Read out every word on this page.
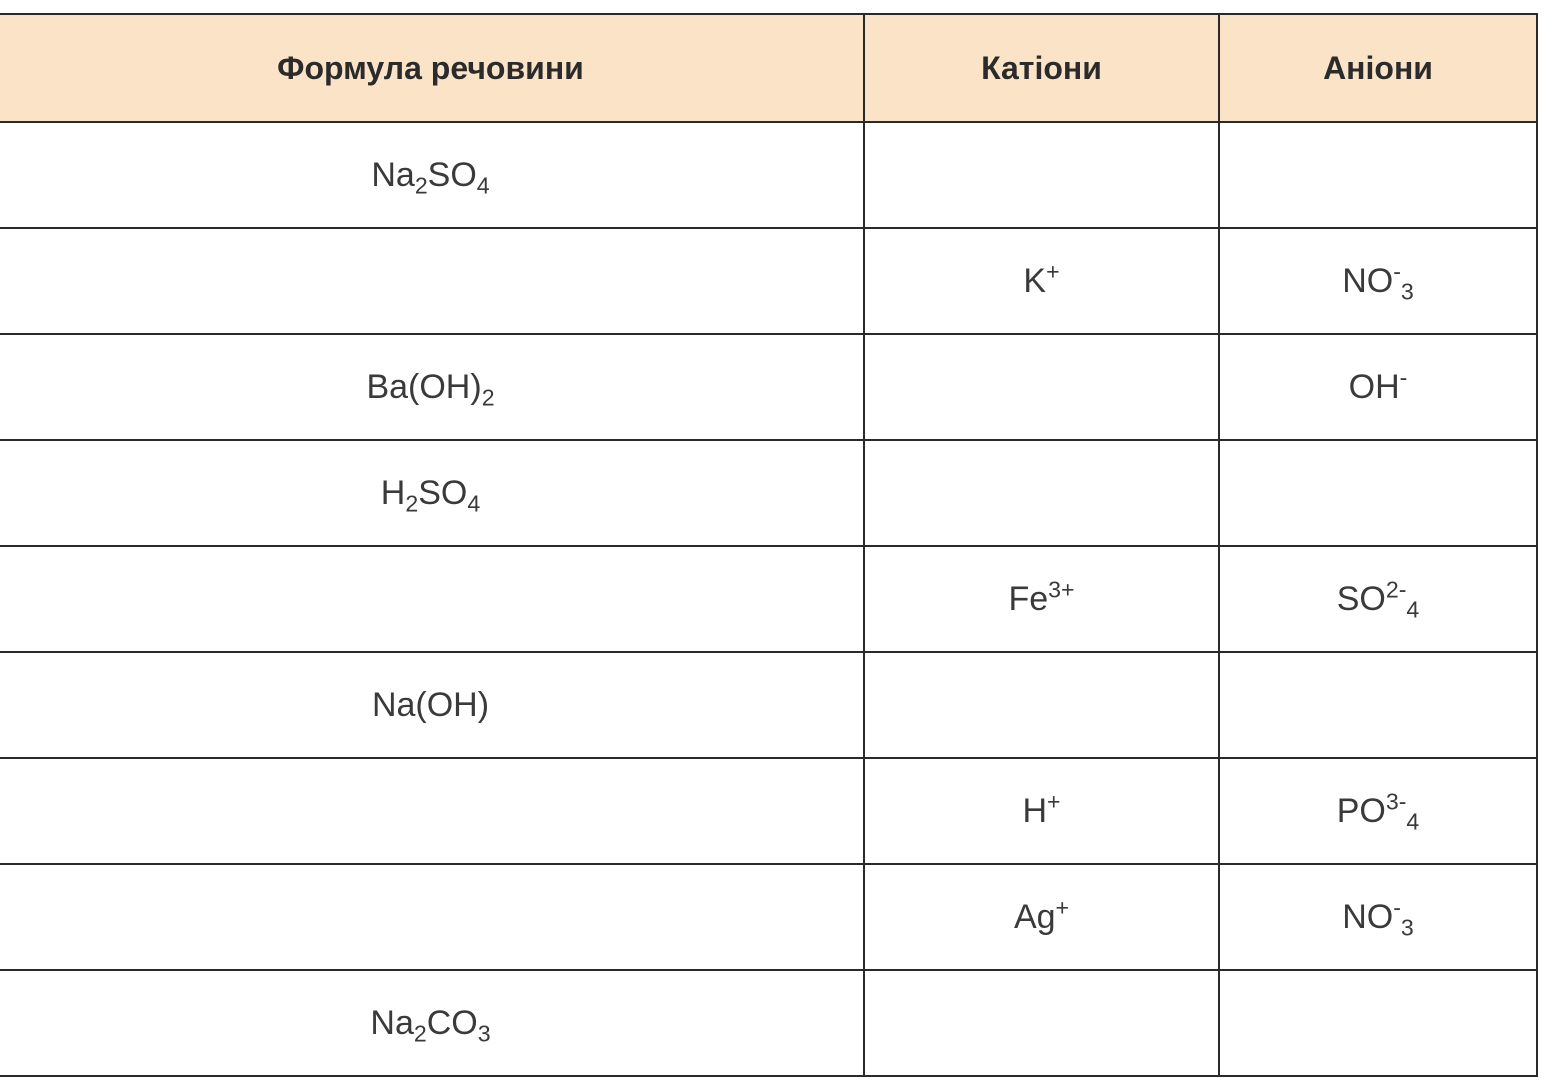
Формула речовини	Катіони	Аніони
$Na_2SO_4$		
	K+	$NO^-_3$
$Ba(OH)_2$		OH-
$H_2SO_4$		
	$Fe^{3+}$	$SO^{2-}_4$
Na(OH)		
	H+	$PO^{3-}_4$
	Ag+	$NO^-_3$
$Na_2CO_3$		
